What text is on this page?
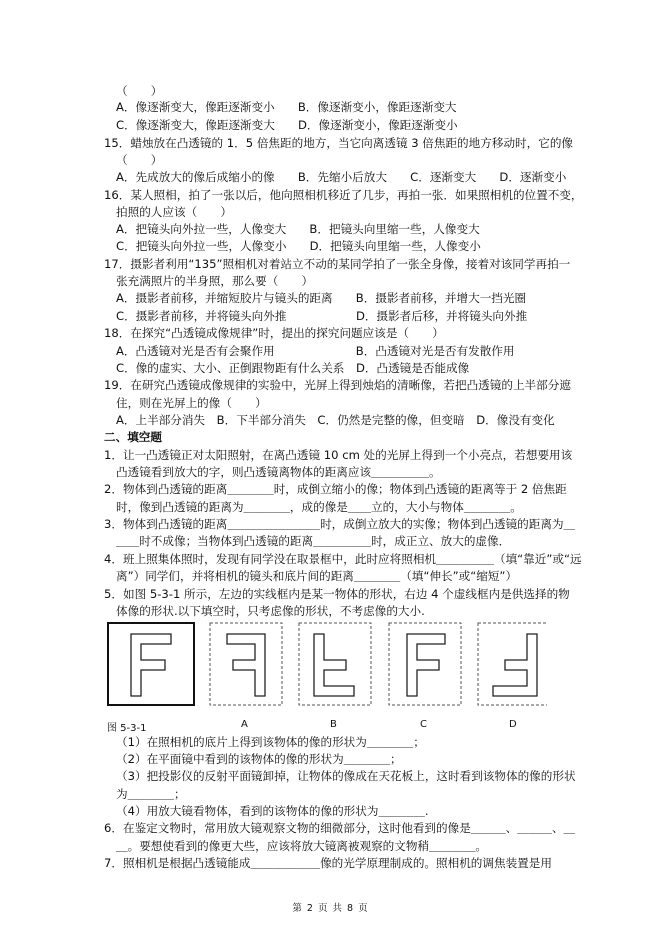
（　　）
A．像逐渐变大，像距逐渐变小　　B．像逐渐变小，像距逐渐变大
C．像逐渐变大，像距逐渐变大　　D．像逐渐变小，像距逐渐变小
15．蜡烛放在凸透镜的 1．5 倍焦距的地方，当它向离透镜 3 倍焦距的地方移动时，它的像
（　　）
A．先成放大的像后成缩小的像　　B．先缩小后放大　　C．逐渐变大　　D．逐渐变小
16．某人照相，拍了一张以后，他向照相机移近了几步，再拍一张．如果照相机的位置不变，
拍照的人应该（　　）
A．把镜头向外拉一些，人像变大　　B．把镜头向里缩一些，人像变大
C．把镜头向外拉一些，人像变小　　D．把镜头向里缩一些，人像变小
17．摄影者利用“135”照相机对着站立不动的某同学拍了一张全身像，接着对该同学再拍一
张充满照片的半身照，那么要（　　）
A．摄影者前移，并缩短胶片与镜头的距离　　B．摄影者前移，并增大一挡光圈
C．摄影者前移，并将镜头向外推　　　　　　D．摄影者后移，并将镜头向外推
18．在探究“凸透镜成像规律”时，提出的探究问题应该是（　　）
A．凸透镜对光是否有会聚作用　　　　　　　B．凸透镜对光是否有发散作用
C．像的虚实、大小、正倒跟物距有什么关系　D．凸透镜是否能成像
19．在研究凸透镜成像规律的实验中，光屏上得到烛焰的清晰像，若把凸透镜的上半部分遮
住，则在光屏上的像（　　）
A．上半部分消失　B．下半部分消失　C．仍然是完整的像，但变暗　D．像没有变化
二、填空题
1．让一凸透镜正对太阳照射，在离凸透镜 10 cm 处的光屏上得到一个小亮点，若想要用该
凸透镜看到放大的字，则凸透镜离物体的距离应该＿＿＿＿＿。
2．物体到凸透镜的距离＿＿＿＿时，成倒立缩小的像；物体到凸透镜的距离等于 2 倍焦距
时，像到凸透镜的距离为＿＿＿＿，成的像是＿＿立的，大小与物体＿＿＿＿。
3．物体到凸透镜的距离＿＿＿＿＿＿＿＿时，成倒立放大的实像；物体到凸透镜的距离为＿
＿＿时不成像；当物体到凸透镜的距离＿＿＿＿＿时，成正立、放大的虚像．
4．班上照集体照时，发现有同学没在取景框中，此时应将照相机＿＿＿＿＿（填“靠近”或“远
离”）同学们，并将相机的镜头和底片间的距离＿＿＿＿（填“伸长”或“缩短”）
5．如图 5-3-1 所示，左边的实线框内是某一物体的形状，右边 4 个虚线框内是供选择的物
体像的形状.以下填空时，只考虑像的形状，不考虑像的大小.
图 5-3-1	A	B	C	D
（1）在照相机的底片上得到该物体的像的形状为＿＿＿＿；
（2）在平面镜中看到的该物体的像的形状为＿＿＿＿；
（3）把投影仪的反射平面镜卸掉，让物体的像成在天花板上，这时看到该物体的像的形状
为＿＿＿＿；
（4）用放大镜看物体，看到的该物体的像的形状为＿＿＿＿.
6．在鉴定文物时，常用放大镜观察文物的细微部分，这时他看到的像是＿＿＿、＿＿＿、＿
＿。要想使看到的像更大些，应该将放大镜离被观察的文物稍＿＿＿＿。
7．照相机是根据凸透镜能成＿＿＿＿＿＿像的光学原理制成的。照相机的调焦装置是用
第 2 页 共 8 页
